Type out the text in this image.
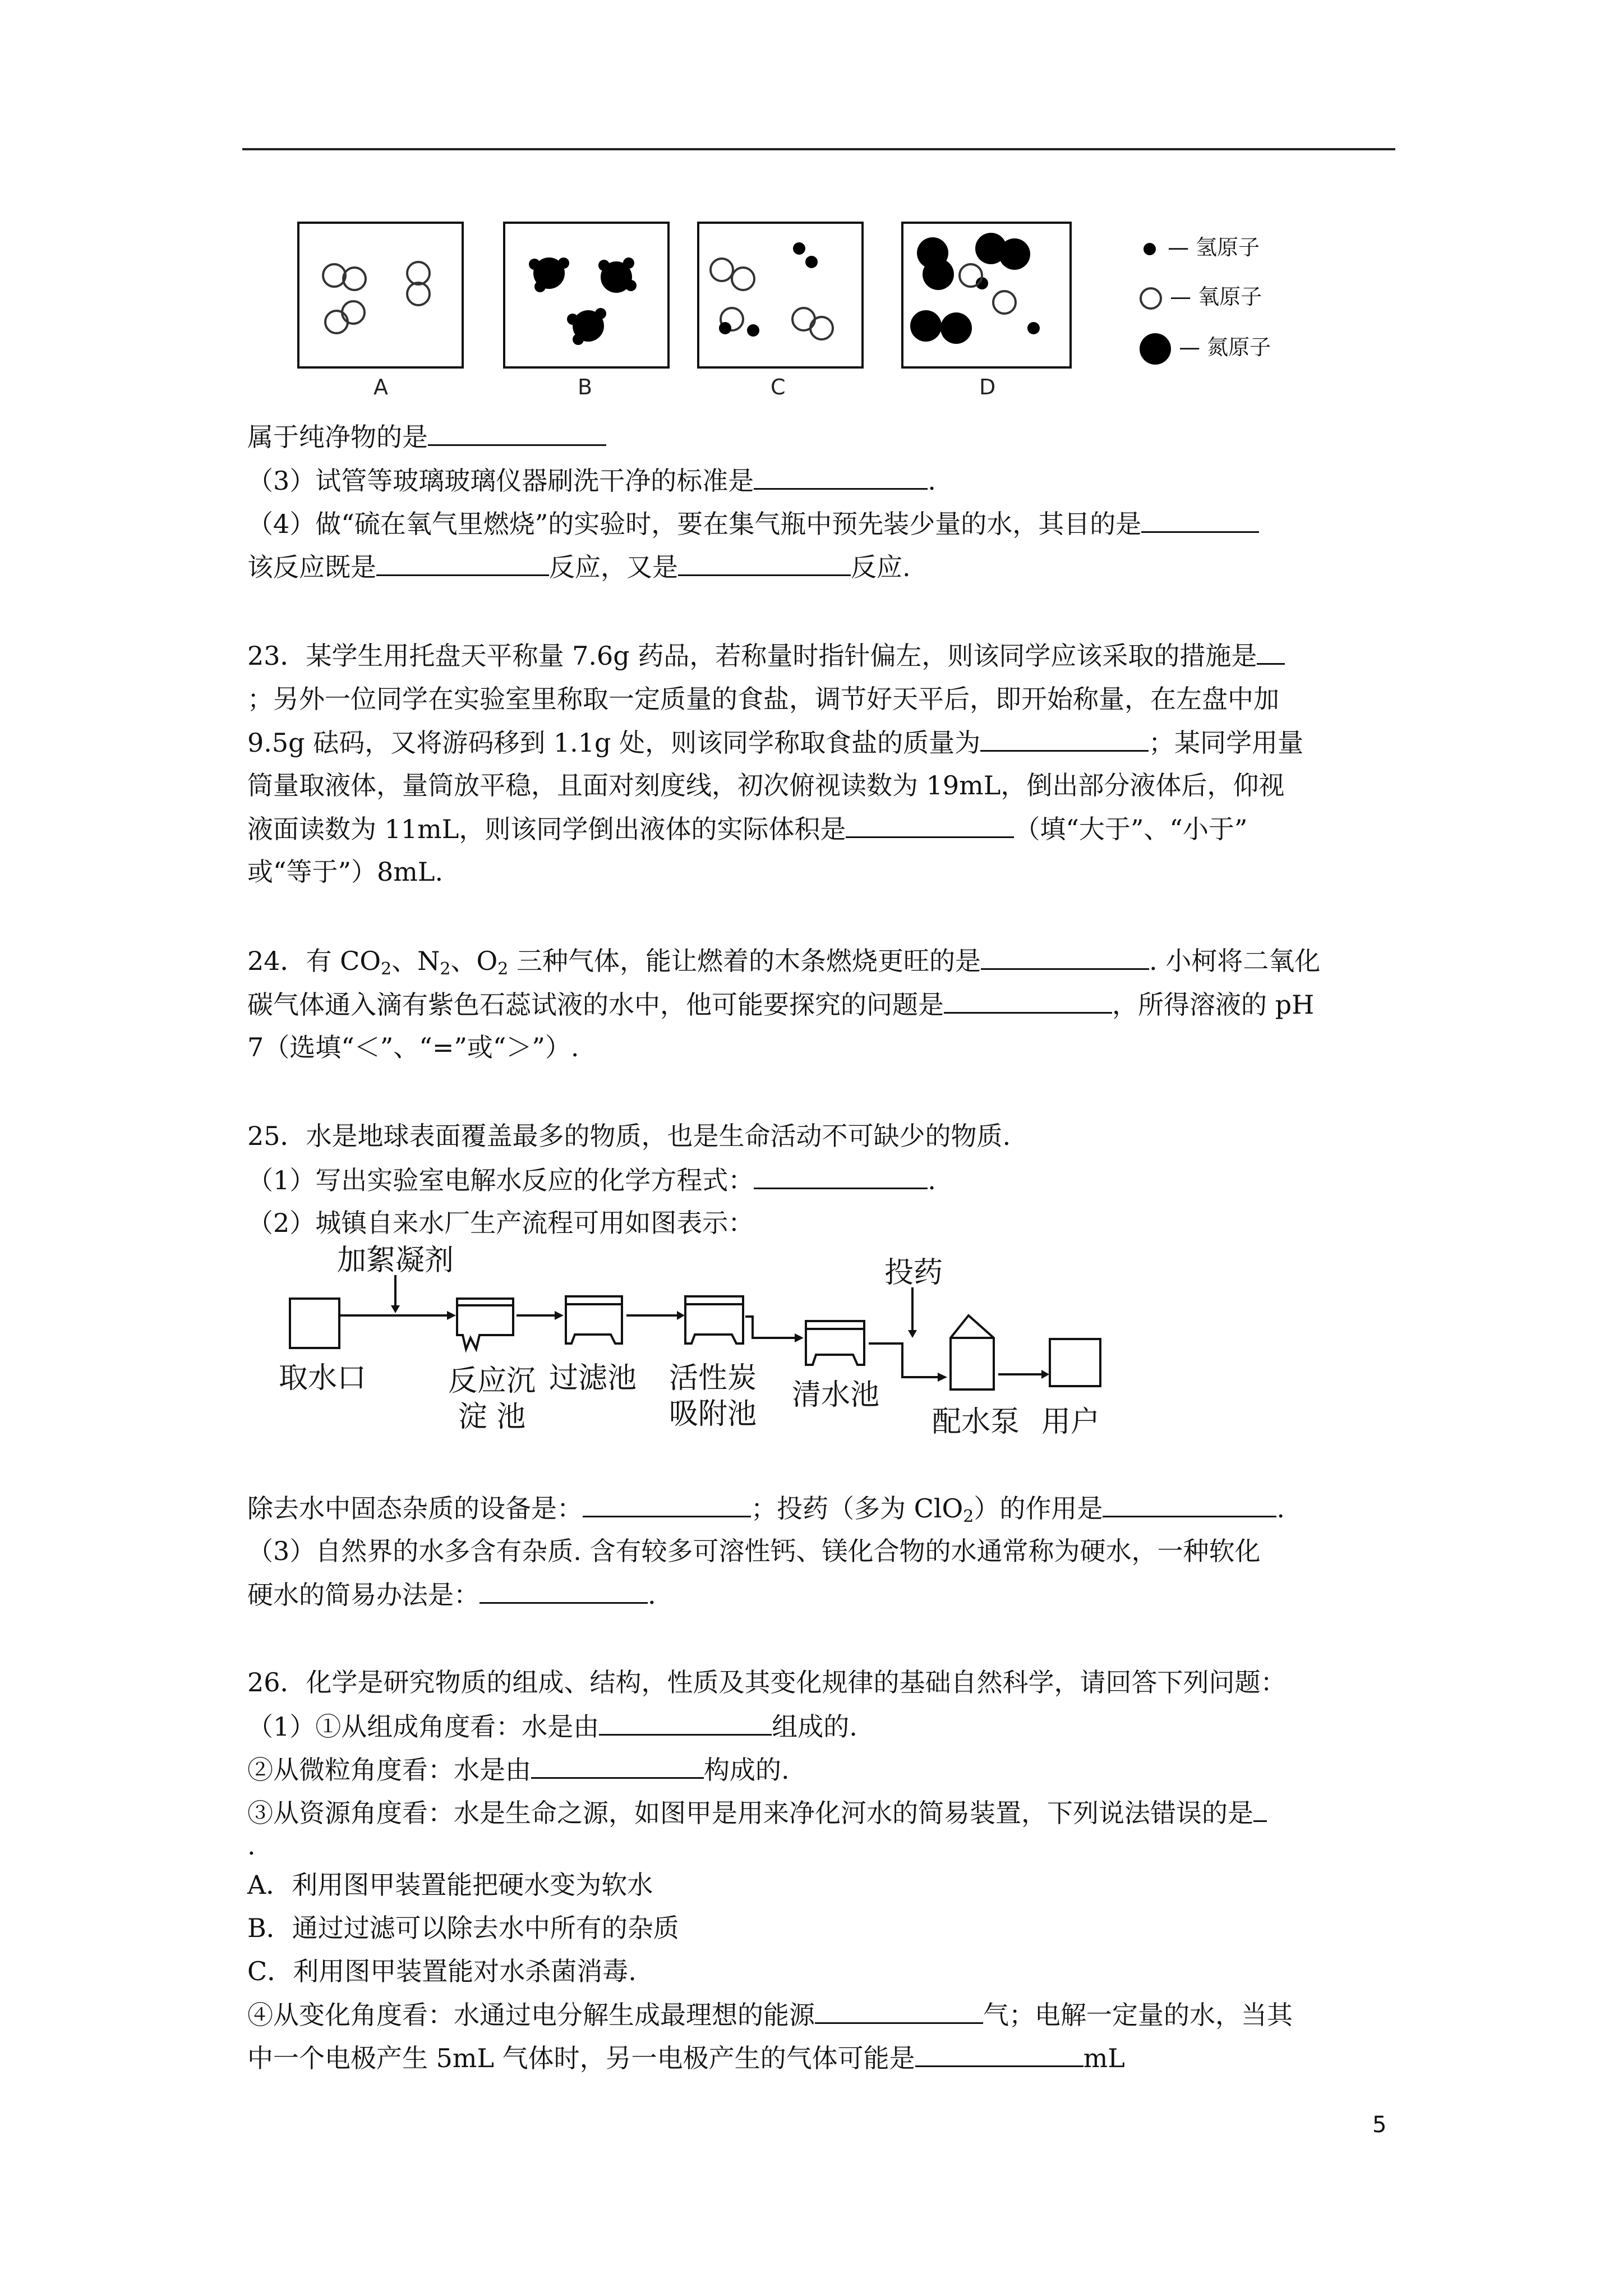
A	B	C	D
— 氢原子
— 氧原子
— 氮原子
属于纯净物的是
（3）试管等玻璃玻璃仪器刷洗干净的标准是	.
（4）做“硫在氧气里燃烧”的实验时，要在集气瓶中预先装少量的水，其目的是
该反应既是	反应，又是	反应.
23．某学生用托盘天平称量 7.6g 药品，若称量时指针偏左，则该同学应该采取的措施是
；另外一位同学在实验室里称取一定质量的食盐，调节好天平后，即开始称量，在左盘中加
9.5g 砝码，又将游码移到 1.1g 处，则该同学称取食盐的质量为	；某同学用量
筒量取液体，量筒放平稳，且面对刻度线，初次俯视读数为 19mL，倒出部分液体后，仰视
液面读数为 11mL，则该同学倒出液体的实际体积是	（填“大于”、“小于”
或“等于”）8mL.
24．有 $CO_2$、$N_2$、$O_2$ 三种气体，能让燃着的木条燃烧更旺的是	. 小柯将二氧化
碳气体通入滴有紫色石蕊试液的水中，他可能要探究的问题是	，所得溶液的 pH
7（选填“＜”、“=”或“＞”）.
25．水是地球表面覆盖最多的物质，也是生命活动不可缺少的物质.
（1）写出实验室电解水反应的化学方程式：	.
（2）城镇自来水厂生产流程可用如图表示：
加絮凝剂	投药
取水口	反应沉
淀 池
过滤池 活性炭
吸附池
清水池
配水泵 用户
除去水中固态杂质的设备是：	；投药（多为 ClO$_2$）的作用是	.
（3）自然界的水多含有杂质. 含有较多可溶性钙、镁化合物的水通常称为硬水，一种软化
硬水的简易办法是：	.
26．化学是研究物质的组成、结构，性质及其变化规律的基础自然科学，请回答下列问题：
（1）①从组成角度看：水是由	组成的.
②从微粒角度看：水是由	构成的.
③从资源角度看：水是生命之源，如图甲是用来净化河水的简易装置，下列说法错误的是
.
A．利用图甲装置能把硬水变为软水
B．通过过滤可以除去水中所有的杂质
C．利用图甲装置能对水杀菌消毒.
④从变化角度看：水通过电分解生成最理想的能源	气；电解一定量的水，当其
中一个电极产生 5mL 气体时，另一电极产生的气体可能是	mL
5
